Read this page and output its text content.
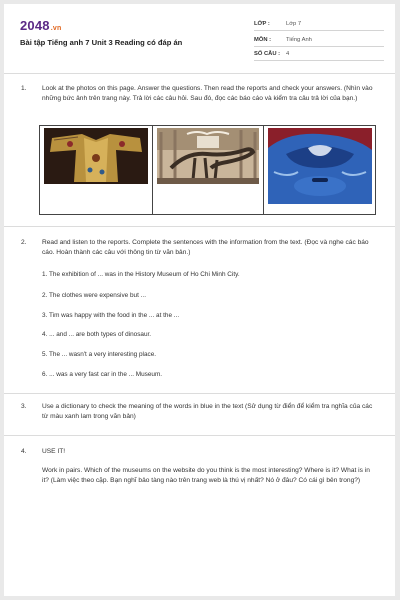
2048.vn
Bài tập Tiếng anh 7 Unit 3 Reading có đáp án
LỚP :	Lớp 7
MÔN :	Tiếng Anh
SỐ CÂU : 4
1. Look at the photos on this page. Answer the questions. Then read the reports and check your answers. (Nhìn vào những bức ảnh trên trang này. Trả lời các câu hỏi. Sau đó, đọc các báo cáo và kiểm tra câu trả lời của bạn.)
2. Read and listen to the reports. Complete the sentences with the information from the text. (Đọc và nghe các báo cáo. Hoàn thành các câu với thông tin từ văn bản.)
1. The exhibition of ... was in the History Museum of Ho Chi Minh City.
2. The clothes were expensive but ...
3. Tim was happy with the food in the ... at the ...
4. ... and ... are both types of dinosaur.
5. The ... wasn't a very interesting place.
6. ... was a very fast car in the ... Museum.
3. Use a dictionary to check the meaning of the words in blue in the text (Sử dụng từ điển để kiểm tra nghĩa của các từ màu xanh lam trong văn bản)
4. USE IT!
Work in pairs. Which of the museums on the website do you think is the most interesting? Where is it? What is in it? (Làm việc theo cặp. Bạn nghĩ bảo tàng nào trên trang web là thú vị nhất? Nó ở đâu? Có cái gì bên trong?)
